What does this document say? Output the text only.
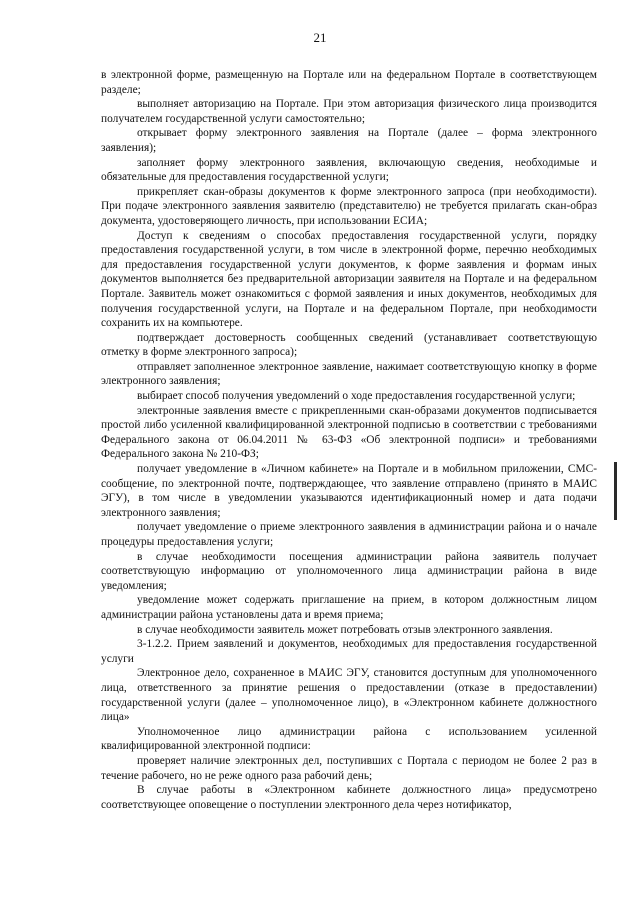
21

в электронной форме, размещенную на Портале или на федеральном Портале в соответствующем разделе;

выполняет авторизацию на Портале. При этом авторизация физического лица производится получателем государственной услуги самостоятельно;

открывает форму электронного заявления на Портале (далее – форма электронного заявления);

заполняет форму электронного заявления, включающую сведения, необходимые и обязательные для предоставления государственной услуги;

прикрепляет скан-образы документов к форме электронного запроса (при необходимости). При подаче электронного заявления заявителю (представителю) не требуется прилагать скан-образ документа, удостоверяющего личность, при использовании ЕСИА;

Доступ к сведениям о способах предоставления государственной услуги, порядку предоставления государственной услуги, в том числе в электронной форме, перечню необходимых для предоставления государственной услуги документов, к форме заявления и формам иных документов выполняется без предварительной авторизации заявителя на Портале и на федеральном Портале. Заявитель может ознакомиться с формой заявления и иных документов, необходимых для получения государственной услуги, на Портале и на федеральном Портале, при необходимости сохранить их на компьютере.

подтверждает достоверность сообщенных сведений (устанавливает соответствующую отметку в форме электронного запроса);

отправляет заполненное электронное заявление, нажимает соответствующую кнопку в форме электронного заявления;

выбирает способ получения уведомлений о ходе предоставления государственной услуги;

электронные заявления вместе с прикрепленными скан-образами документов подписывается простой либо усиленной квалифицированной электронной подписью в соответствии с требованиями Федерального закона от 06.04.2011 № 63-ФЗ «Об электронной подписи» и требованиями Федерального закона № 210-ФЗ;

получает уведомление в «Личном кабинете» на Портале и в мобильном приложении, СМС-сообщение, по электронной почте, подтверждающее, что заявление отправлено (принято в МАИС ЭГУ), в том числе в уведомлении указываются идентификационный номер и дата подачи электронного заявления;

получает уведомление о приеме электронного заявления в администрации района и о начале процедуры предоставления услуги;

в случае необходимости посещения администрации района заявитель получает соответствующую информацию от уполномоченного лица администрации района в виде уведомления;

уведомление может содержать приглашение на прием, в котором должностным лицом администрации района установлены дата и время приема;

в случае необходимости заявитель может потребовать отзыв электронного заявления.

3-1.2.2. Прием заявлений и документов, необходимых для предоставления государственной услуги

Электронное дело, сохраненное в МАИС ЭГУ, становится доступным для уполномоченного лица, ответственного за принятие решения о предоставлении (отказе в предоставлении) государственной услуги (далее – уполномоченное лицо), в «Электронном кабинете должностного лица»

Уполномоченное лицо администрации района с использованием усиленной квалифицированной электронной подписи:

проверяет наличие электронных дел, поступивших с Портала с периодом не более 2 раз в течение рабочего, но не реже одного раза рабочий день;

В случае работы в «Электронном кабинете должностного лица» предусмотрено соответствующее оповещение о поступлении электронного дела через нотификатор,
